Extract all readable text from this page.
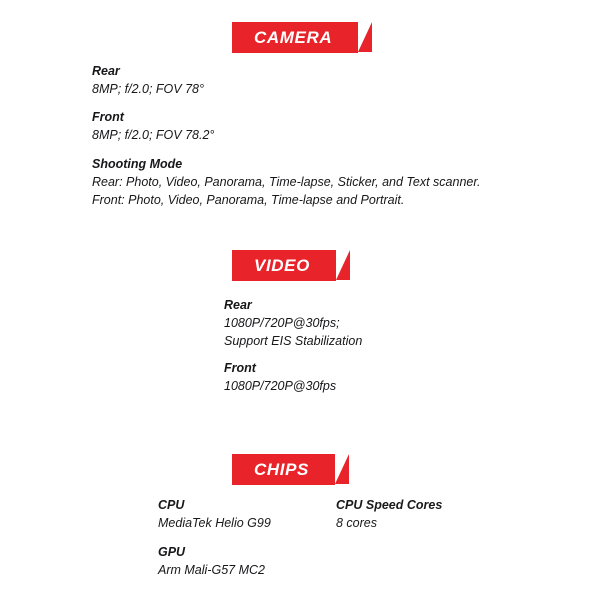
CAMERA
Rear
8MP; f/2.0; FOV 78°
Front
8MP; f/2.0; FOV 78.2°
Shooting Mode
Rear: Photo, Video, Panorama, Time-lapse, Sticker, and Text scanner.
Front: Photo, Video, Panorama, Time-lapse and Portrait.
VIDEO
Rear
1080P/720P@30fps;
Support EIS Stabilization
Front
1080P/720P@30fps
CHIPS
CPU
MediaTek Helio G99
CPU Speed Cores
8 cores
GPU
Arm Mali-G57 MC2
